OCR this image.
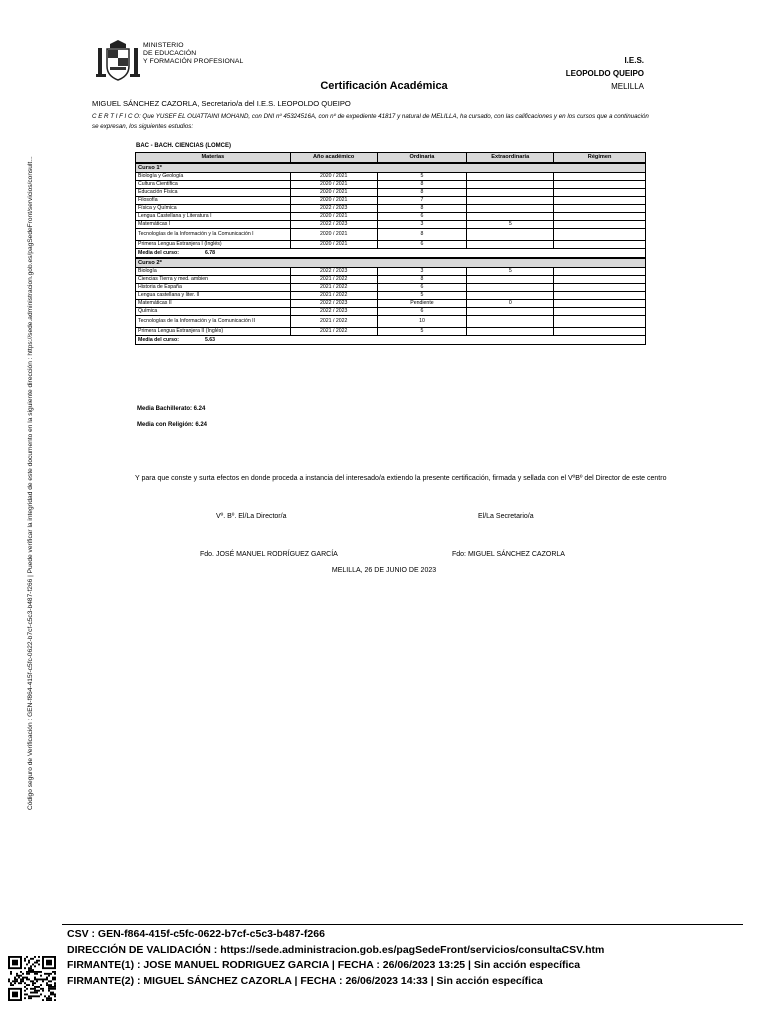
MINISTERIO
DE EDUCACIÓN
Y FORMACIÓN PROFESIONAL	I.E.S.
LEOPOLDO QUEIPO
MELILLA
Certificación Académica
MIGUEL SÁNCHEZ CAZORLA, Secretario/a del I.E.S. LEOPOLDO QUEIPO
C E R T I F I C O: Que YUSEF EL OUATTAINI MOHAND, con DNI nº 45324516A, con nº de expediente 41817 y natural de MELILLA, ha cursado, con las calificaciones y en los cursos que a continuación se expresan, los siguientes estudios:
BAC - BACH. CIENCIAS (LOMCE)
Materias	Año académico	Ordinaria	Extraordinaria	Régimen
Curso 1º				
Biología y Geología	2020 / 2021	5		
Cultura Científica	2020 / 2021	8		
Educación Física	2020 / 2021	8		
Filosofía	2020 / 2021	7		
Física y Química	2022 / 2023	8		
Lengua Castellana y Literatura I	2020 / 2021	6		
Matemáticas I	2022 / 2023	3	5	
Tecnologías de la Información y la Comunicación I	2020 / 2021	8		
Primera Lengua Extranjera I (Inglés)	2020 / 2021	6		
Media del curso: 6.78				
Curso 2º				
Biología	2022 / 2023	3	5	
Ciencias Tierra y med. ambien	2021 / 2022	8		
Historia de España	2021 / 2022	6		
Lengua castellana y liter. II	2021 / 2022	5		
Matemáticas II	2022 / 2023	Pendiente	0	
Química	2022 / 2023	6		
Tecnologías de la Información y la Comunicación II	2021 / 2022	10		
Primera Lengua Extranjera II (Inglés)	2021 / 2022	5		
Media del curso: 5.63				
Media Bachillerato: 6.24
Media con Religión: 6.24
Y para que conste y surta efectos en donde proceda a instancia del interesado/a extiendo la presente certificación, firmada y sellada con el VºBº del Director de este centro
Vº. Bº. El/La Director/a	El/La Secretario/a
Fdo. JOSÉ MANUEL RODRÍGUEZ GARCÍA	Fdo: MIGUEL SÁNCHEZ CAZORLA
MELILLA, 26 DE JUNIO DE 2023
Código seguro de Verificación : GEN-f864-415f-c5fc-0622-b7cf-c5c3-b487-f266 | Puede verificar la integridad de este documento en la siguiente dirección : https://sede.administracion.gob.es/pagSedeFront/servicios/consult...
CSV : GEN-f864-415f-c5fc-0622-b7cf-c5c3-b487-f266
DIRECCIÓN DE VALIDACIÓN : https://sede.administracion.gob.es/pagSedeFront/servicios/consultaCSV.htm
FIRMANTE(1) : JOSE MANUEL RODRIGUEZ GARCIA | FECHA : 26/06/2023 13:25 | Sin acción específica
FIRMANTE(2) : MIGUEL SÁNCHEZ CAZORLA | FECHA : 26/06/2023 14:33 | Sin acción específica
